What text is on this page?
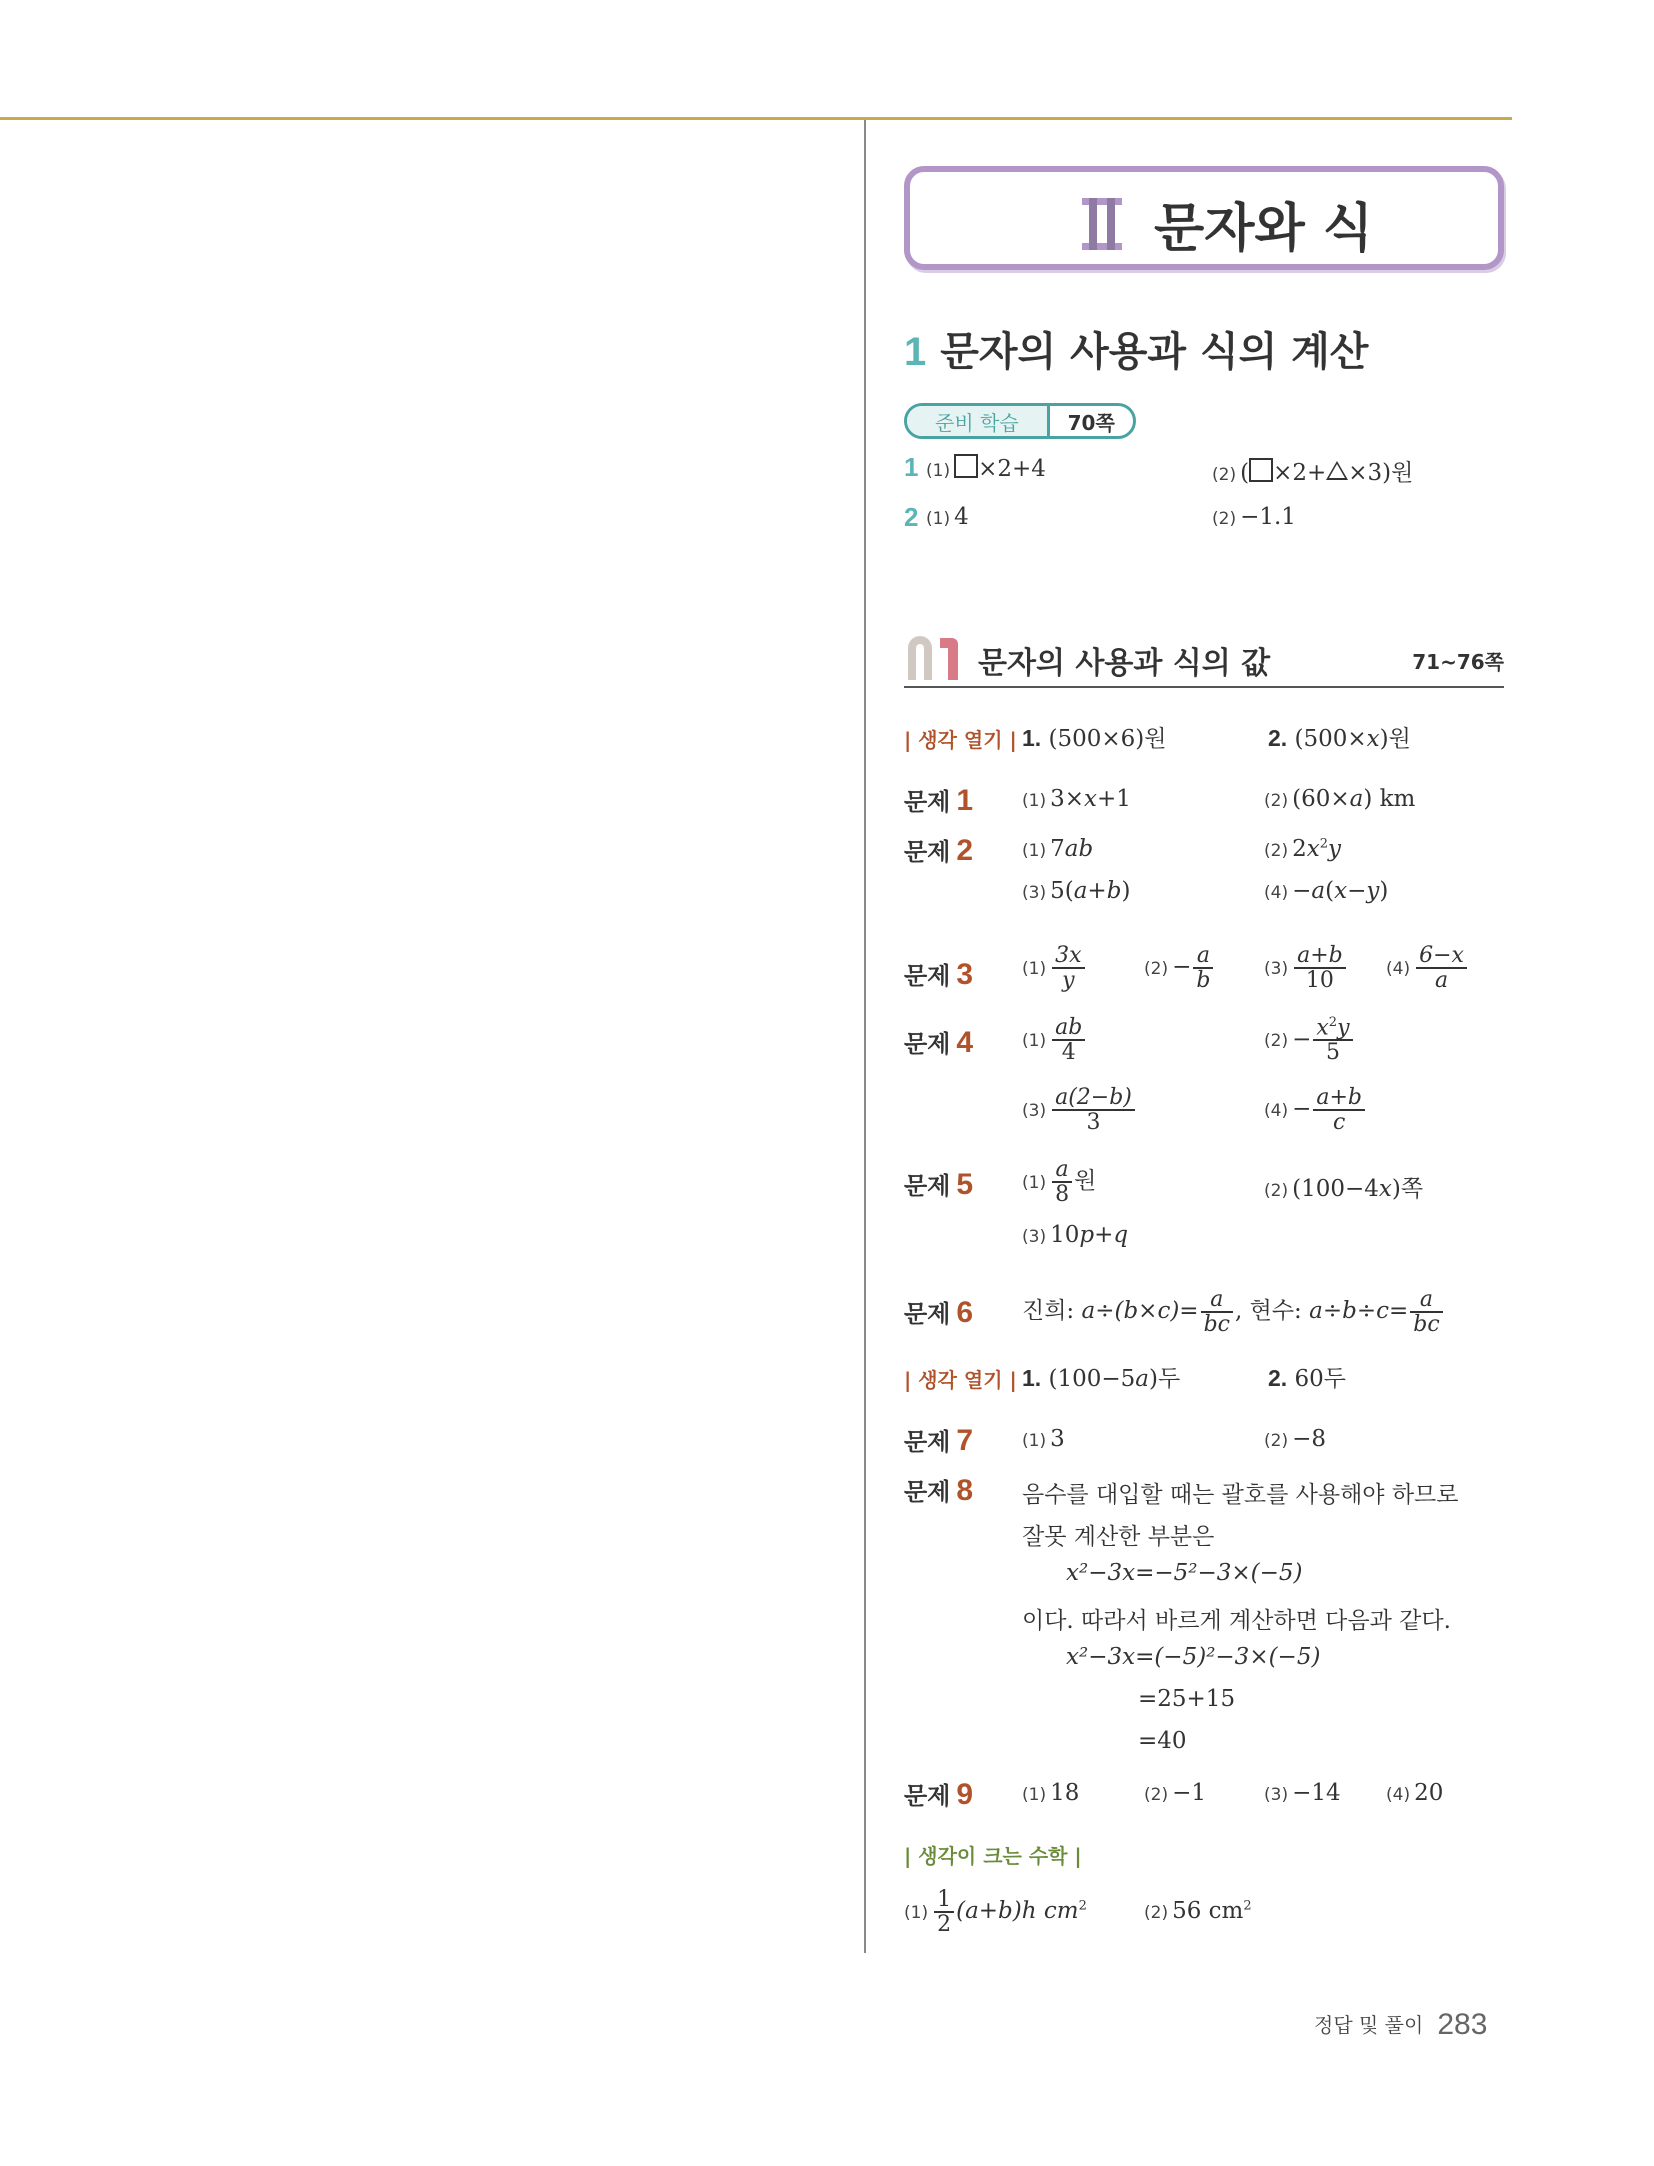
문자와 식
1 문자의 사용과 식의 계산
준비 학습	70쪽
1 (1) ×2+4	(2) ( ×2+ ×3)원
2 (1) 4	(2) −1.1
문자의 사용과 식의 값	71~76쪽
| 생각 열기 | 1. (500×6)원	2. (500×x)원
문제 1	(1) 3×x+1	(2) (60×a) km
문제 2	(1) 7ab	(2) $2x^2y$
(3) 5(a+b)	(4) −a(x−y)
문제 3	$(1) \frac{3x}{y}$	$(2) - \frac{a}{b}$	$(3) \frac{a+b}{10} (4) \frac{6-x}{a}$
문제 4	$(1) \frac{ab}{4}$	$(2) - \frac{x^2y}{5}$
$(3) \frac{a(2-b)}{3}$	$(4) - \frac{a+b}{c}$
문제 5	$(1) \frac{a}{8}$ 원	(2) (100−4x)쪽
(3) 10p+q
문제 6 진희: $a\div(b\times c)= \frac{a}{bc}$ , 현수: $a\div b\div c= \frac{a}{bc}$
| 생각 열기 | 1. (100−5a)두	2. 60두
문제 7	(1) 3	(2) −8
문제 8 음수를 대입할 때는 괄호를 사용해야 하므로
잘못 계산한 부분은
x²−3x=−5²−3×(−5)
이다. 따라서 바르게 계산하면 다음과 같다.
x²−3x=(−5)²−3×(−5)
=25+15
=40
문제 9	(1) 18	(2) −1	(3) −14	(4) 20
| 생각이 크는 수학 |
$(1) \frac{1}{2} (a+b)h$ $cm^2$	(2) 56 $cm^2$
정답 및 풀이 283
